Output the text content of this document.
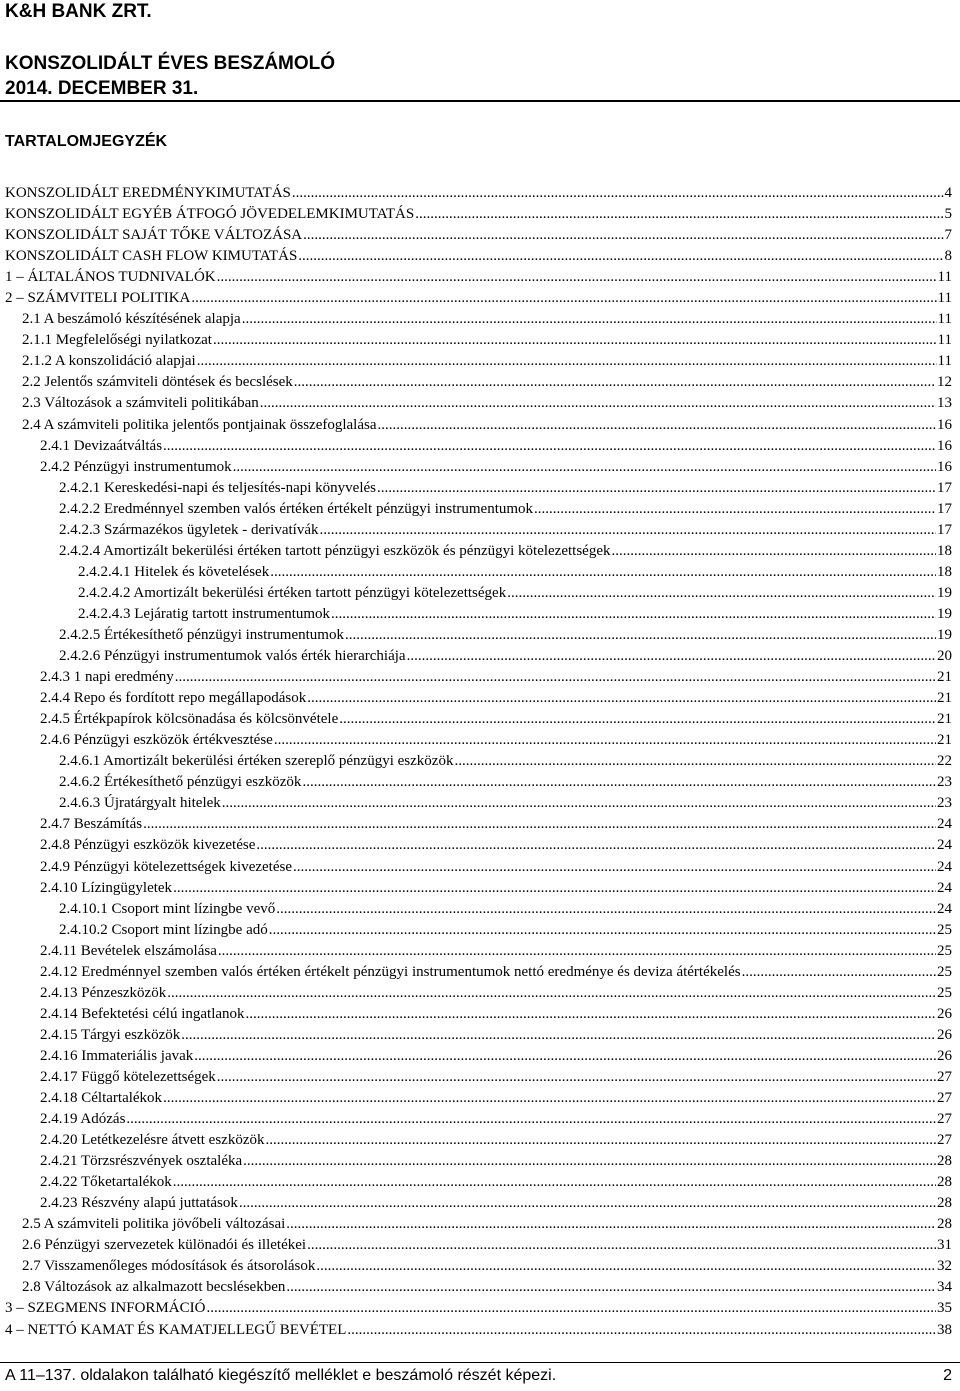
K&H BANK ZRT.
KONSZOLIDÁLT ÉVES BESZÁMOLÓ
2014. DECEMBER 31.
TARTALOMJEGYZÉK
KONSZOLIDÁLT EREDMÉNYKIMUTATÁS .....	4
KONSZOLIDÁLT EGYÉB ÁTFOGÓ JÖVEDELEMKIMUTATÁS .....	5
KONSZOLIDÁLT SAJÁT TŐKE VÁLTOZÁSA .....	7
KONSZOLIDÁLT CASH FLOW KIMUTATÁS .....	8
1 – ÁLTALÁNOS TUDNIVALÓK .....	11
2 – SZÁMVITELI POLITIKA .....	11
2.1 A beszámoló készítésének alapja .....	11
2.1.1 Megfelelőségi nyilatkozat .....	11
2.1.2 A konszolidáció alapjai .....	11
2.2 Jelentős számviteli döntések és becslések .....	12
2.3 Változások a számviteli politikában .....	13
2.4 A számviteli politika jelentős pontjainak összefoglalása .....	16
2.4.1 Devizaátváltás .....	16
2.4.2 Pénzügyi instrumentumok .....	16
2.4.2.1 Kereskedési-napi és teljesítés-napi könyvelés .....	17
2.4.2.2 Eredménnyel szemben valós értéken értékelt pénzügyi instrumentumok .....	17
2.4.2.3 Származékos ügyletek - derivatívák .....	17
2.4.2.4 Amortizált bekerülési értéken tartott pénzügyi eszközök és pénzügyi kötelezettségek .....	18
2.4.2.4.1 Hitelek és követelések .....	18
2.4.2.4.2 Amortizált bekerülési értéken tartott pénzügyi kötelezettségek .....	19
2.4.2.4.3 Lejáratig tartott instrumentumok .....	19
2.4.2.5 Értékesíthető pénzügyi instrumentumok .....	19
2.4.2.6 Pénzügyi instrumentumok valós érték hierarchiája .....	20
2.4.3 1 napi eredmény .....	21
2.4.4 Repo és fordított repo megállapodások .....	21
2.4.5 Értékpapírok kölcsönadása és kölcsönvétele .....	21
2.4.6 Pénzügyi eszközök értékvesztése .....	21
2.4.6.1 Amortizált bekerülési értéken szereplő pénzügyi eszközök .....	22
2.4.6.2 Értékesíthető pénzügyi eszközök .....	23
2.4.6.3 Újratárgyalt hitelek .....	23
2.4.7 Beszámítás .....	24
2.4.8 Pénzügyi eszközök kivezetése .....	24
2.4.9 Pénzügyi kötelezettségek kivezetése .....	24
2.4.10 Lízingügyletek .....	24
2.4.10.1 Csoport mint lízingbe vevő .....	24
2.4.10.2 Csoport mint lízingbe adó .....	25
2.4.11 Bevételek elszámolása .....	25
2.4.12 Eredménnyel szemben valós értéken értékelt pénzügyi instrumentumok nettó eredménye és deviza átértékelés .....	25
2.4.13 Pénzeszközök .....	25
2.4.14 Befektetési célú ingatlanok .....	26
2.4.15 Tárgyi eszközök .....	26
2.4.16 Immateriális javak .....	26
2.4.17 Függő kötelezettségek .....	27
2.4.18 Céltartalékok .....	27
2.4.19 Adózás .....	27
2.4.20 Letétkezelésre átvett eszközök .....	27
2.4.21 Törzsrészvények osztaléka .....	28
2.4.22 Tőketartalékok .....	28
2.4.23 Részvény alapú juttatások .....	28
2.5 A számviteli politika jövőbeli változásai .....	28
2.6 Pénzügyi szervezetek különadói és illetékei .....	31
2.7 Visszamenőleges módosítások és átsorolások .....	32
2.8 Változások az alkalmazott becslésekben .....	34
3 – SZEGMENS INFORMÁCIÓ .....	35
4 – NETTÓ KAMAT ÉS KAMATJELLEGŰ BEVÉTEL .....	38
A 11–137. oldalakon található kiegészítő melléklet e beszámoló részét képezi.	2
